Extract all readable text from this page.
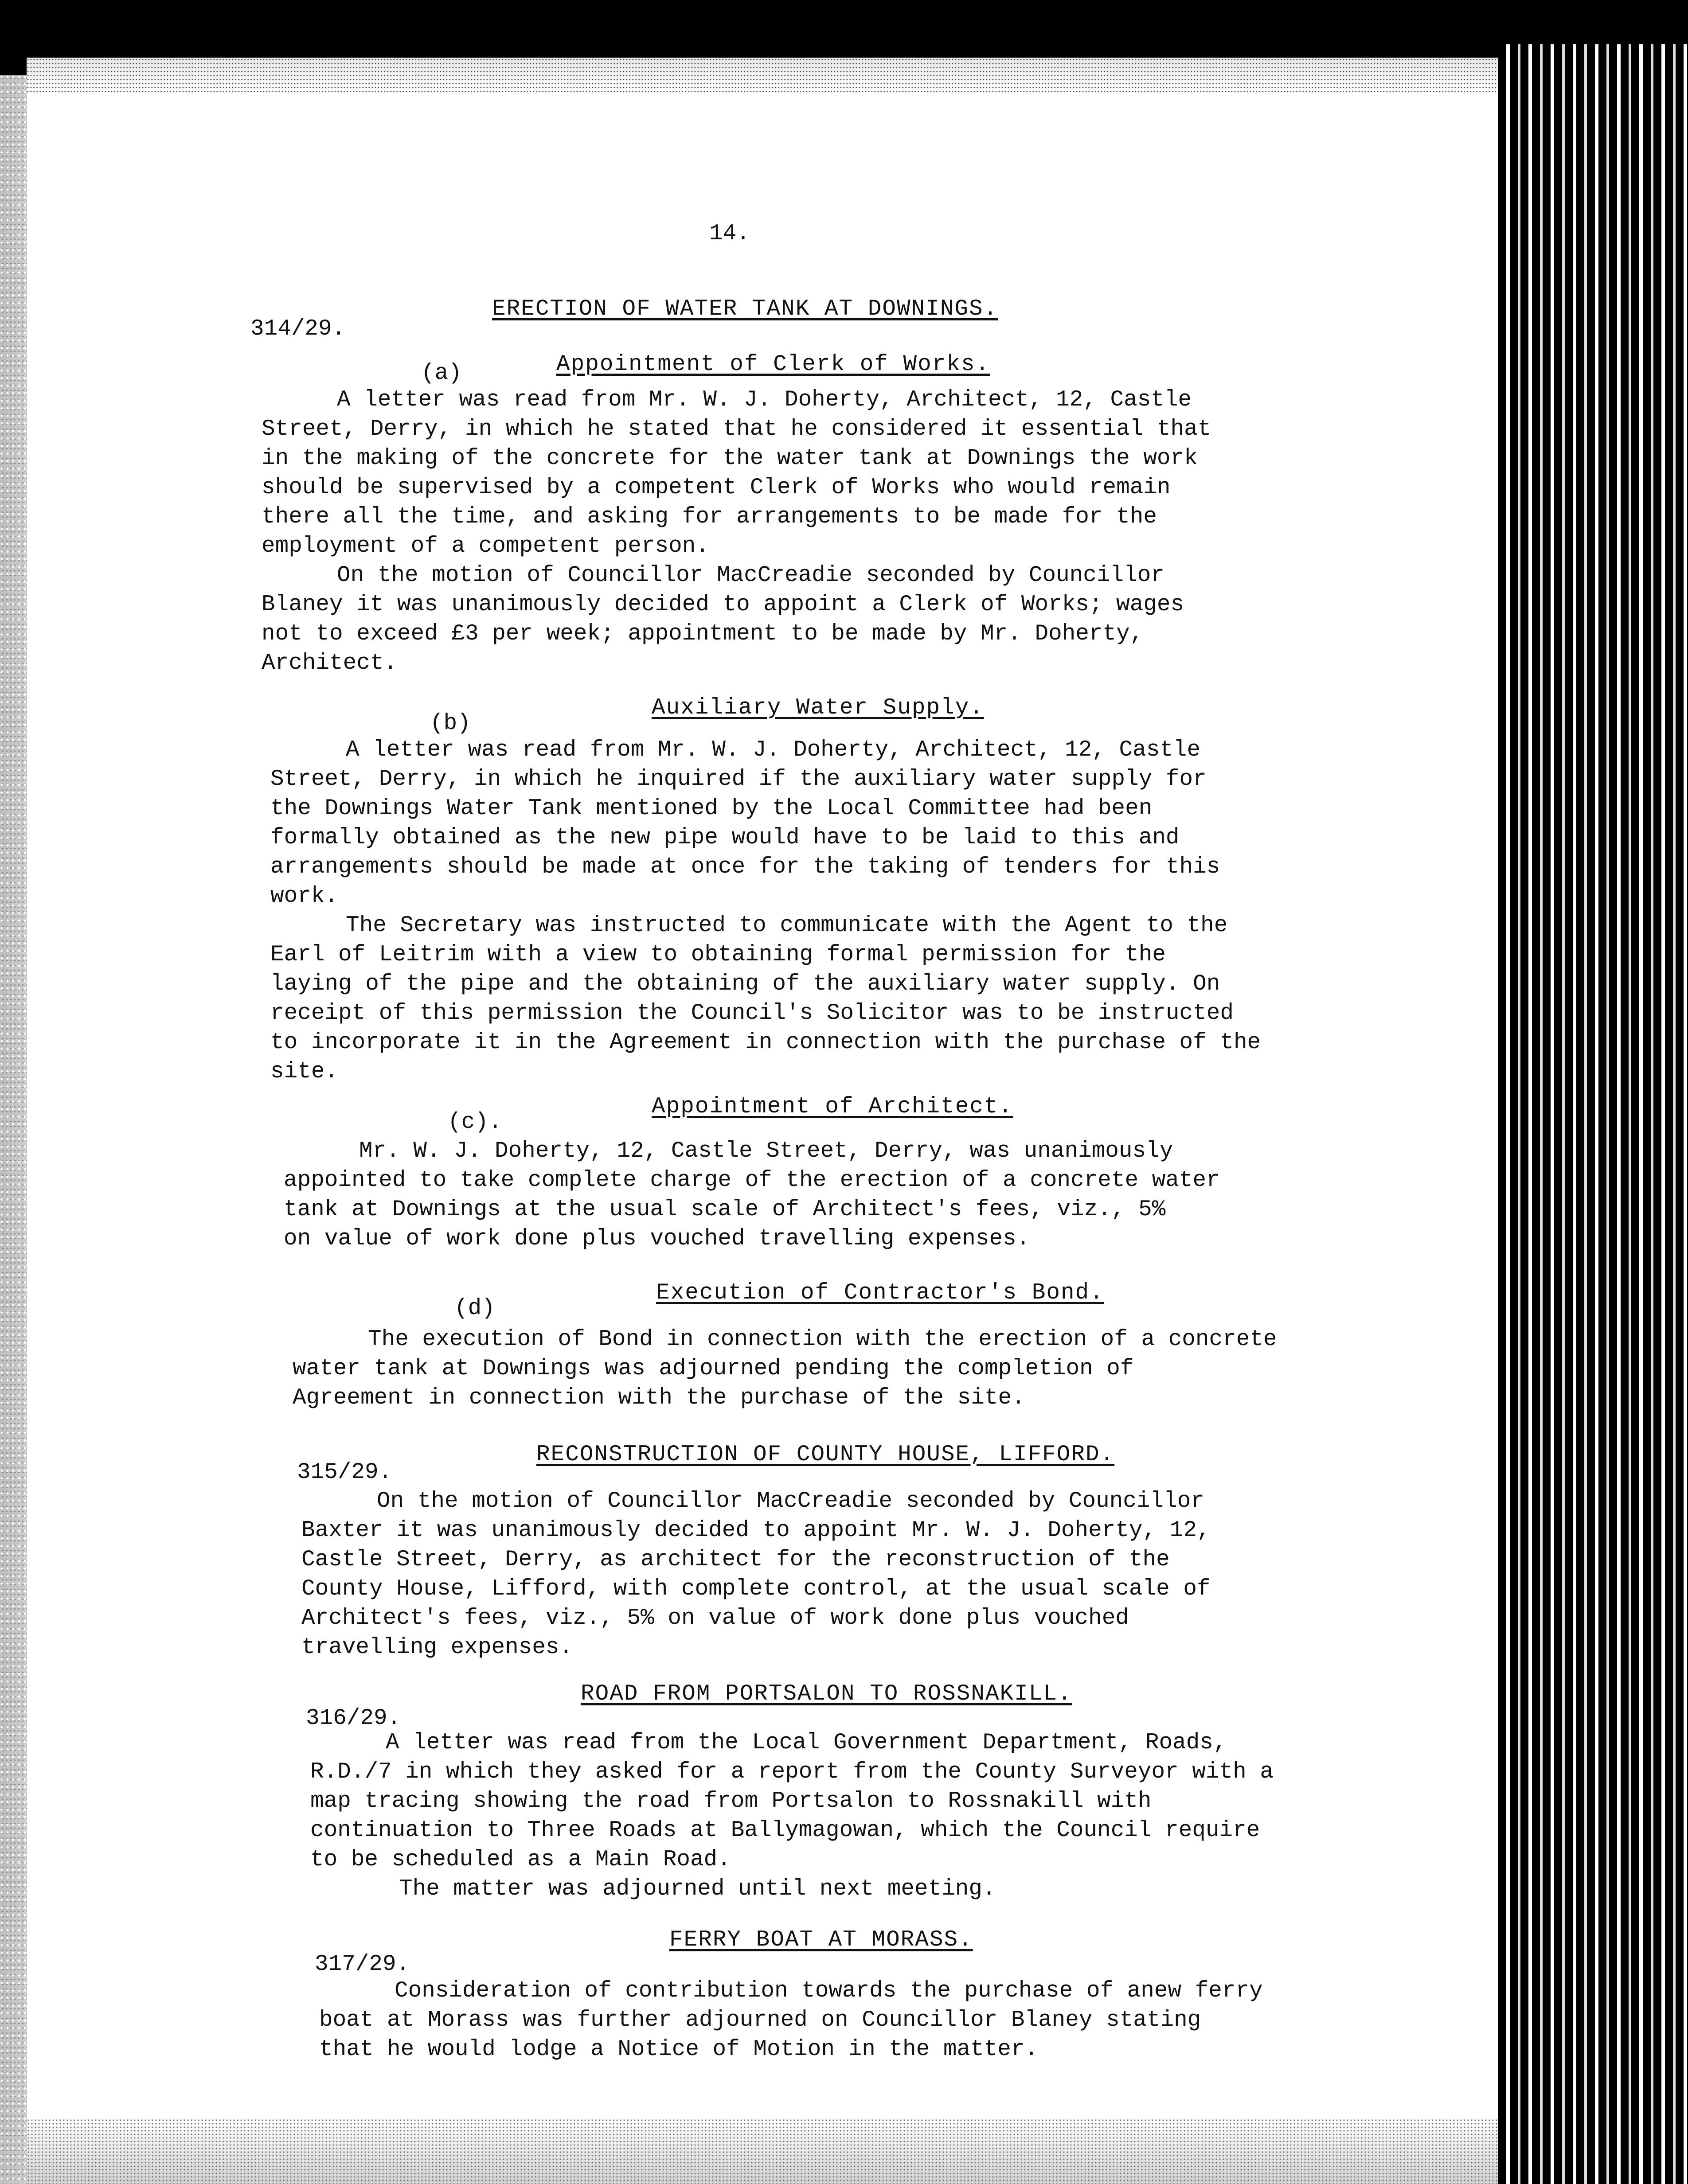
14.
314/29.
ERECTION OF WATER TANK AT DOWNINGS.
(a)	Appointment of Clerk of Works.
A letter was read from Mr. W. J. Doherty, Architect, 12, Castle
Street, Derry, in which he stated that he considered it essential that
in the making of the concrete for the water tank at Downings the work
should be supervised by a competent Clerk of Works who would remain
there all the time, and asking for arrangements to be made for the
employment of a competent person.
On the motion of Councillor MacCreadie seconded by Councillor
Blaney it was unanimously decided to appoint a Clerk of Works; wages
not to exceed £3 per week; appointment to be made by Mr. Doherty,
Architect.
(b)
Auxiliary Water Supply.
A letter was read from Mr. W. J. Doherty, Architect, 12, Castle
Street, Derry, in which he inquired if the auxiliary water supply for
the Downings Water Tank mentioned by the Local Committee had been
formally obtained as the new pipe would have to be laid to this and
arrangements should be made at once for the taking of tenders for this
work.
The Secretary was instructed to communicate with the Agent to the
Earl of Leitrim with a view to obtaining formal permission for the
laying of the pipe and the obtaining of the auxiliary water supply. On
receipt of this permission the Council's Solicitor was to be instructed
to incorporate it in the Agreement in connection with the purchase of the
site.
(c).
Appointment of Architect.
Mr. W. J. Doherty, 12, Castle Street, Derry, was unanimously
appointed to take complete charge of the erection of a concrete water
tank at Downings at the usual scale of Architect's fees, viz., 5%
on value of work done plus vouched travelling expenses.
(d)
Execution of Contractor's Bond.
The execution of Bond in connection with the erection of a concrete
water tank at Downings was adjourned pending the completion of
Agreement in connection with the purchase of the site.
315/29.
RECONSTRUCTION OF COUNTY HOUSE, LIFFORD.
On the motion of Councillor MacCreadie seconded by Councillor
Baxter it was unanimously decided to appoint Mr. W. J. Doherty, 12,
Castle Street, Derry, as architect for the reconstruction of the
County House, Lifford, with complete control, at the usual scale of
Architect's fees, viz., 5% on value of work done plus vouched
travelling expenses.
316/29.
ROAD FROM PORTSALON TO ROSSNAKILL.
A letter was read from the Local Government Department, Roads,
R.D./7 in which they asked for a report from the County Surveyor with a
map tracing showing the road from Portsalon to Rossnakill with
continuation to Three Roads at Ballymagowan, which the Council require
to be scheduled as a Main Road.
The matter was adjourned until next meeting.
317/29.
FERRY BOAT AT MORASS.
Consideration of contribution towards the purchase of anew ferry
boat at Morass was further adjourned on Councillor Blaney stating
that he would lodge a Notice of Motion in the matter.
